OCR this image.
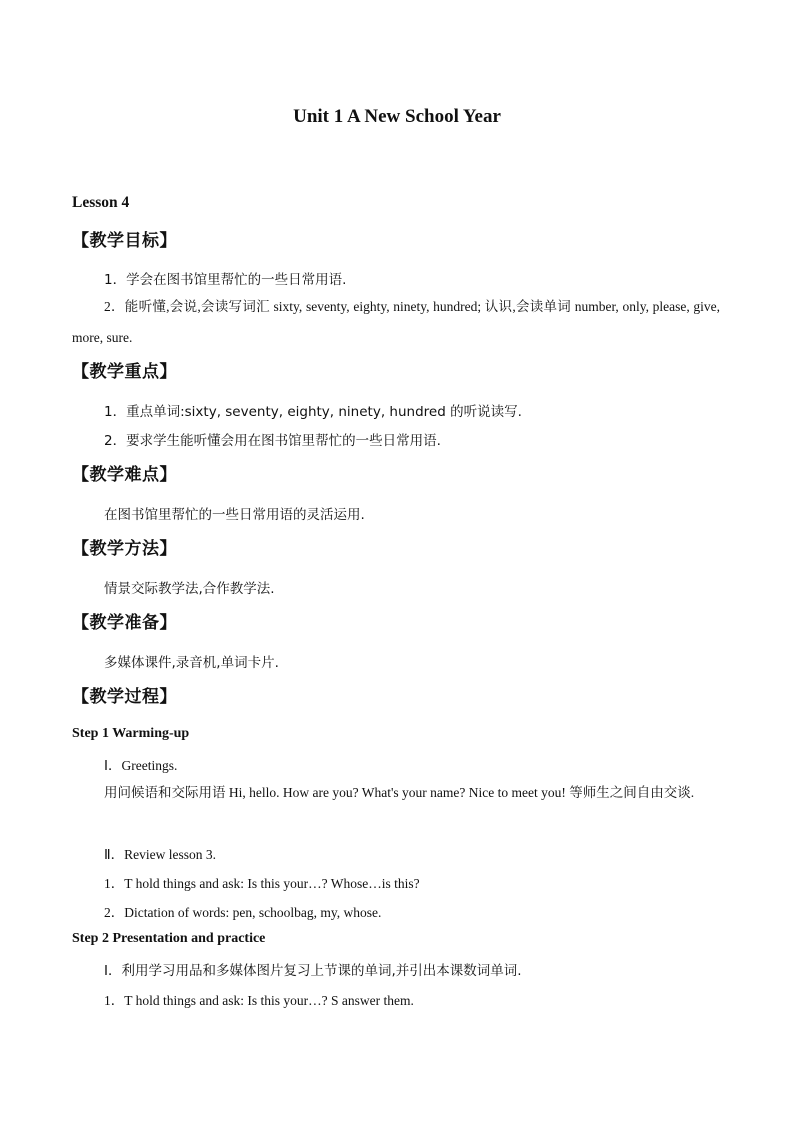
Unit 1 A New School Year
Lesson 4
【教学目标】
1．学会在图书馆里帮忙的一些日常用语.
2．能听懂,会说,会读写词汇 sixty, seventy, eighty, ninety, hundred; 认识,会读单词 number, only, please, give, more, sure.
【教学重点】
1．重点单词:sixty, seventy, eighty, ninety, hundred 的听说读写.
2．要求学生能听懂会用在图书馆里帮忙的一些日常用语.
【教学难点】
在图书馆里帮忙的一些日常用语的灵活运用.
【教学方法】
情景交际教学法,合作教学法.
【教学准备】
多媒体课件,录音机,单词卡片.
【教学过程】
Step 1 Warming-up
Ⅰ．Greetings.
用问候语和交际用语 Hi, hello. How are you? What's your name? Nice to meet you! 等师生之间自由交谈.
Ⅱ．Review lesson 3.
1．T hold things and ask: Is this your…? Whose…is this?
2．Dictation of words: pen, schoolbag, my, whose.
Step 2 Presentation and practice
Ⅰ．利用学习用品和多媒体图片复习上节课的单词,并引出本课数词单词.
1．T hold things and ask: Is this your…? S answer them.
